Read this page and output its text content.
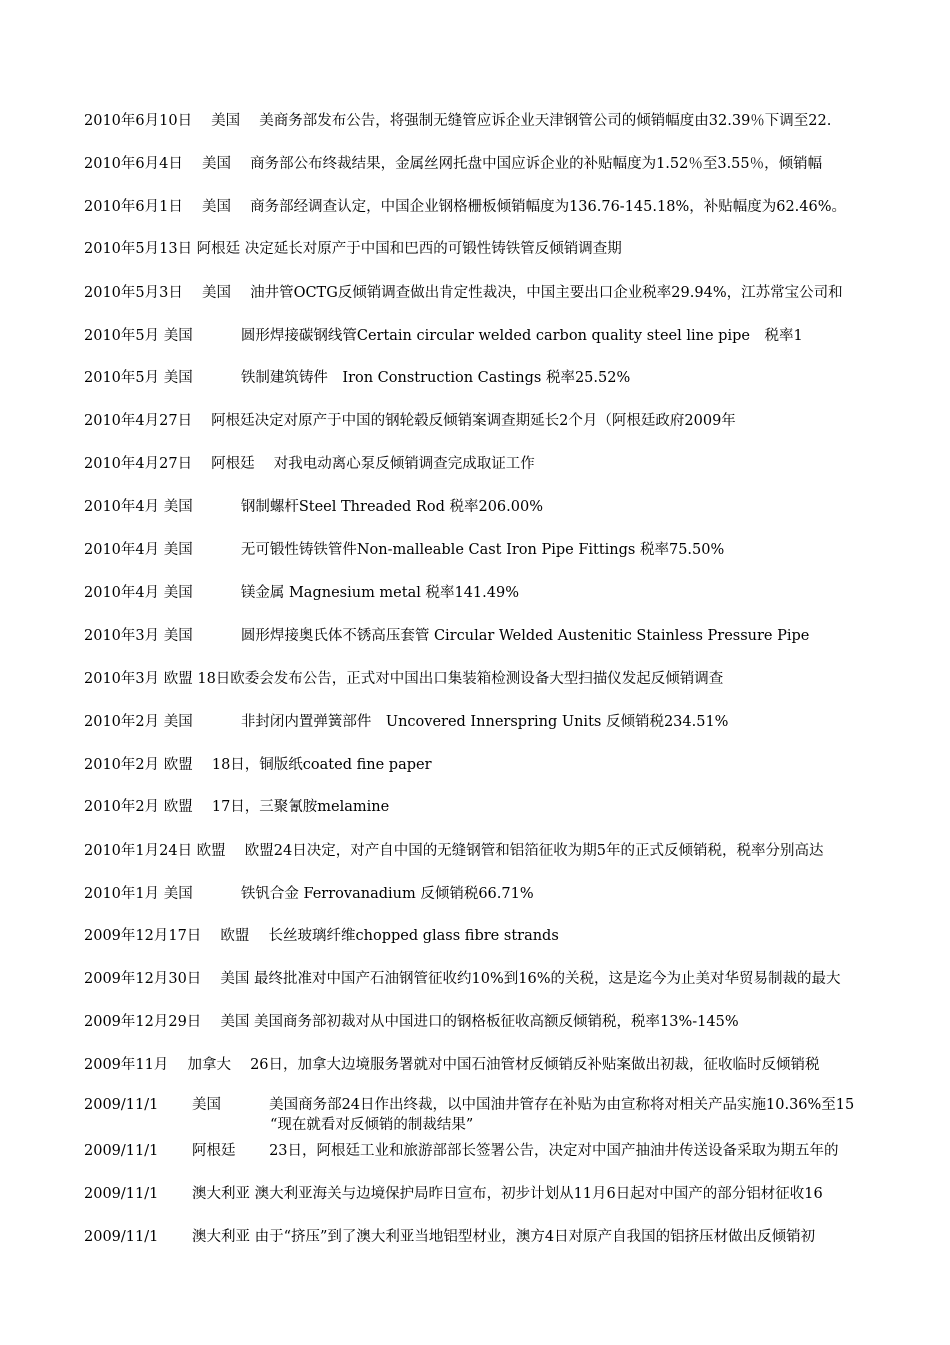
2010年6月10日　 美国　 美商务部发布公告，将强制无缝管应诉企业天津钢管公司的倾销幅度由32.39％下调至22.
2010年6月4日　 美国　 商务部公布终裁结果，金属丝网托盘中国应诉企业的补贴幅度为1.52％至3.55％，倾销幅
2010年6月1日　 美国　 商务部经调查认定，中国企业钢格栅板倾销幅度为136.76-145.18%，补贴幅度为62.46%。
2010年5月13日 阿根廷 决定延长对原产于中国和巴西的可锻性铸铁管反倾销调查期
2010年5月3日　 美国　 油井管OCTG反倾销调查做出肯定性裁决，中国主要出口企业税率29.94%，江苏常宝公司和
2010年5月 美国　　　 圆形焊接碳钢线管Certain circular welded carbon quality steel line pipe　税率1
2010年5月 美国　　　 铁制建筑铸件　Iron Construction Castings 税率25.52%
2010年4月27日　 阿根廷决定对原产于中国的钢轮毂反倾销案调查期延长2个月（阿根廷政府2009年
2010年4月27日　 阿根廷　 对我电动离心泵反倾销调查完成取证工作
2010年4月 美国　　　 钢制螺杆Steel Threaded Rod 税率206.00%
2010年4月 美国　　　 无可锻性铸铁管件Non-malleable Cast Iron Pipe Fittings 税率75.50%
2010年4月 美国　　　 镁金属 Magnesium metal 税率141.49%
2010年3月 美国　　　 圆形焊接奥氏体不锈高压套管 Circular Welded Austenitic Stainless Pressure Pipe
2010年3月 欧盟 18日欧委会发布公告，正式对中国出口集装箱检测设备大型扫描仪发起反倾销调查
2010年2月 美国　　　 非封闭内置弹簧部件　Uncovered Innerspring Units 反倾销税234.51%
2010年2月 欧盟　 18日，铜版纸coated fine paper
2010年2月 欧盟　 17日，三聚氰胺melamine
2010年1月24日 欧盟　 欧盟24日决定，对产自中国的无缝钢管和铝箔征收为期5年的正式反倾销税，税率分别高达
2010年1月 美国　　　 铁钒合金 Ferrovanadium 反倾销税66.71%
2009年12月17日　 欧盟　 长丝玻璃纤维chopped glass fibre strands
2009年12月30日　 美国 最终批准对中国产石油钢管征收约10%到16%的关税，这是迄今为止美对华贸易制裁的最大
2009年12月29日　 美国 美国商务部初裁对从中国进口的钢格板征收高额反倾销税，税率13%-145%
2009年11月　 加拿大　 26日，加拿大边境服务署就对中国石油管材反倾销反补贴案做出初裁，征收临时反倾销税
2009/11/1　　 美国　　　 美国商务部24日作出终裁，以中国油井管存在补贴为由宣称将对相关产品实施10.36%至15
“现在就看对反倾销的制裁结果”
2009/11/1　　 阿根廷　　 23日，阿根廷工业和旅游部部长签署公告，决定对中国产抽油井传送设备采取为期五年的
2009/11/1　　 澳大利亚 澳大利亚海关与边境保护局昨日宣布，初步计划从11月6日起对中国产的部分铝材征收16
2009/11/1　　 澳大利亚 由于“挤压”到了澳大利亚当地铝型材业，澳方4日对原产自我国的铝挤压材做出反倾销初
